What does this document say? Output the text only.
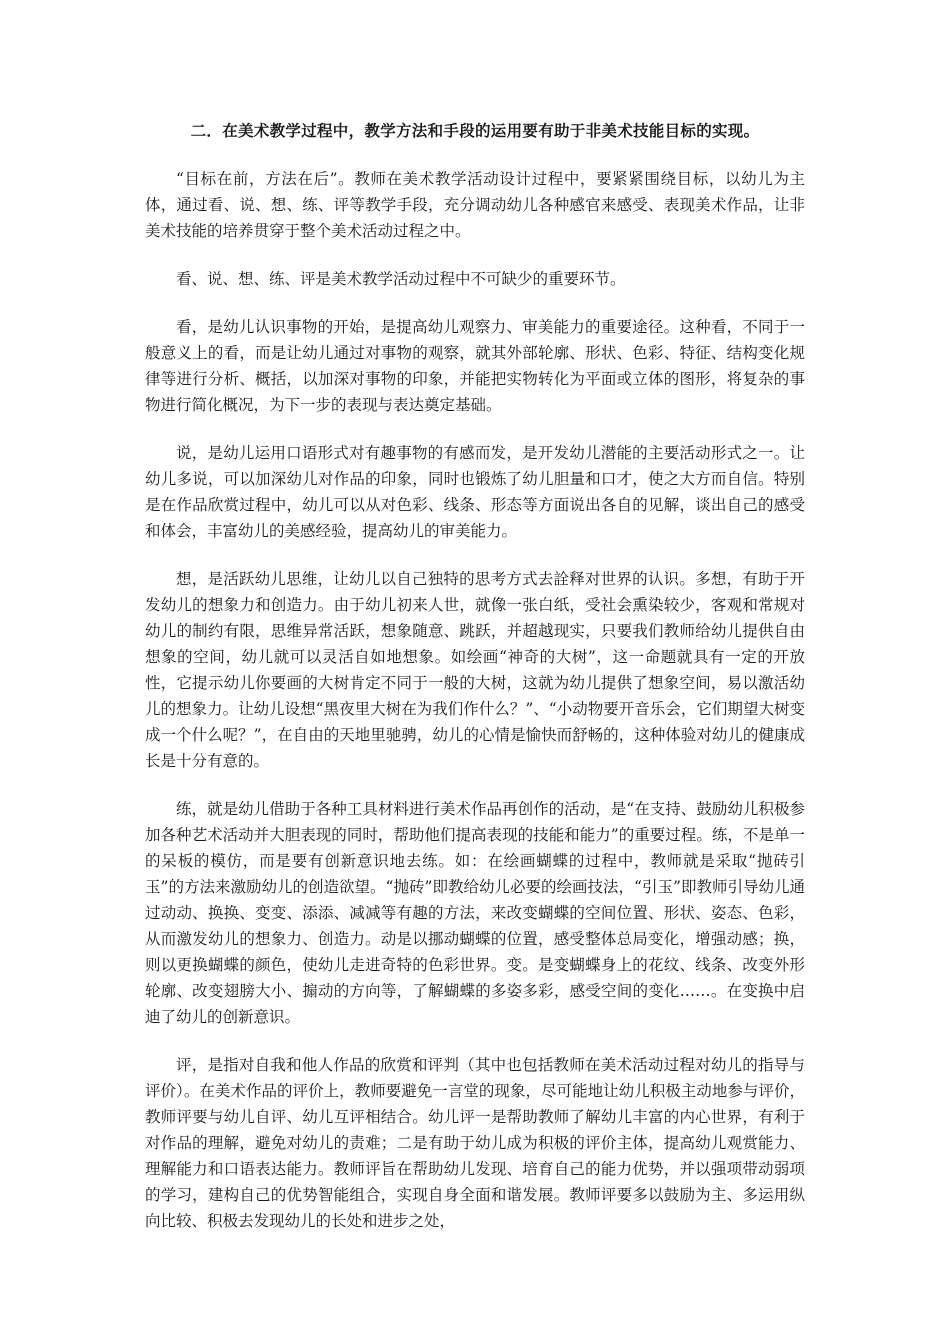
二．在美术教学过程中，教学方法和手段的运用要有助于非美术技能目标的实现。

“目标在前，方法在后”。教师在美术教学活动设计过程中，要紧紧围绕目标，以幼儿为主体，通过看、说、想、练、评等教学手段，充分调动幼儿各种感官来感受、表现美术作品，让非美术技能的培养贯穿于整个美术活动过程之中。

看、说、想、练、评是美术教学活动过程中不可缺少的重要环节。

看，是幼儿认识事物的开始，是提高幼儿观察力、审美能力的重要途径。这种看，不同于一般意义上的看，而是让幼儿通过对事物的观察，就其外部轮廓、形状、色彩、特征、结构变化规律等进行分析、概括，以加深对事物的印象，并能把实物转化为平面或立体的图形，将复杂的事物进行简化概况，为下一步的表现与表达奠定基础。

说，是幼儿运用口语形式对有趣事物的有感而发，是开发幼儿潜能的主要活动形式之一。让幼儿多说，可以加深幼儿对作品的印象，同时也锻炼了幼儿胆量和口才，使之大方而自信。特别是在作品欣赏过程中，幼儿可以从对色彩、线条、形态等方面说出各自的见解，谈出自己的感受和体会，丰富幼儿的美感经验，提高幼儿的审美能力。

想，是活跃幼儿思维，让幼儿以自己独特的思考方式去詮释对世界的认识。多想，有助于开发幼儿的想象力和创造力。由于幼儿初来人世，就像一张白纸，受社会熏染较少，客观和常规对幼儿的制约有限，思维异常活跃，想象随意、跳跃，并超越现实，只要我们教师给幼儿提供自由想象的空间，幼儿就可以灵活自如地想象。如绘画“神奇的大树”，这一命题就具有一定的开放性，它提示幼儿你要画的大树肯定不同于一般的大树，这就为幼儿提供了想象空间，易以激活幼儿的想象力。让幼儿设想“黑夜里大树在为我们作什么？”、“小动物要开音乐会，它们期望大树变成一个什么呢？”，在自由的天地里驰骋，幼儿的心情是愉快而舒畅的，这种体验对幼儿的健康成长是十分有意的。

练，就是幼儿借助于各种工具材料进行美术作品再创作的活动，是“在支持、鼓励幼儿积极参加各种艺术活动并大胆表现的同时，帮助他们提高表现的技能和能力”的重要过程。练，不是单一的呆板的模仿，而是要有创新意识地去练。如：在绘画蝴蝶的过程中，教师就是采取“抛砖引玉”的方法来激励幼儿的创造欲望。“抛砖”即教给幼儿必要的绘画技法，“引玉”即教师引导幼儿通过动动、换换、变变、添添、减减等有趣的方法，来改变蝴蝶的空间位置、形状、姿态、色彩，从而激发幼儿的想象力、创造力。动是以挪动蝴蝶的位置，感受整体总局变化，增强动感；换，则以更换蝴蝶的颜色，使幼儿走进奇特的色彩世界。变。是变蝴蝶身上的花纹、线条、改变外形轮廓、改变翅膀大小、搧动的方向等，了解蝴蝶的多姿多彩，感受空间的变化……。在变换中启迪了幼儿的创新意识。

评，是指对自我和他人作品的欣赏和评判（其中也包括教师在美术活动过程对幼儿的指导与评价）。在美术作品的评价上，教师要避免一言堂的现象，尽可能地让幼儿积极主动地参与评价，教师评要与幼儿自评、幼儿互评相结合。幼儿评一是帮助教师了解幼儿丰富的内心世界，有利于对作品的理解，避免对幼儿的责难；二是有助于幼儿成为积极的评价主体，提高幼儿观赏能力、理解能力和口语表达能力。教师评旨在帮助幼儿发现、培育自己的能力优势，并以强项带动弱项的学习，建构自己的优势智能组合，实现自身全面和谐发展。教师评要多以鼓励为主、多运用纵向比较、积极去发现幼儿的长处和进步之处，
